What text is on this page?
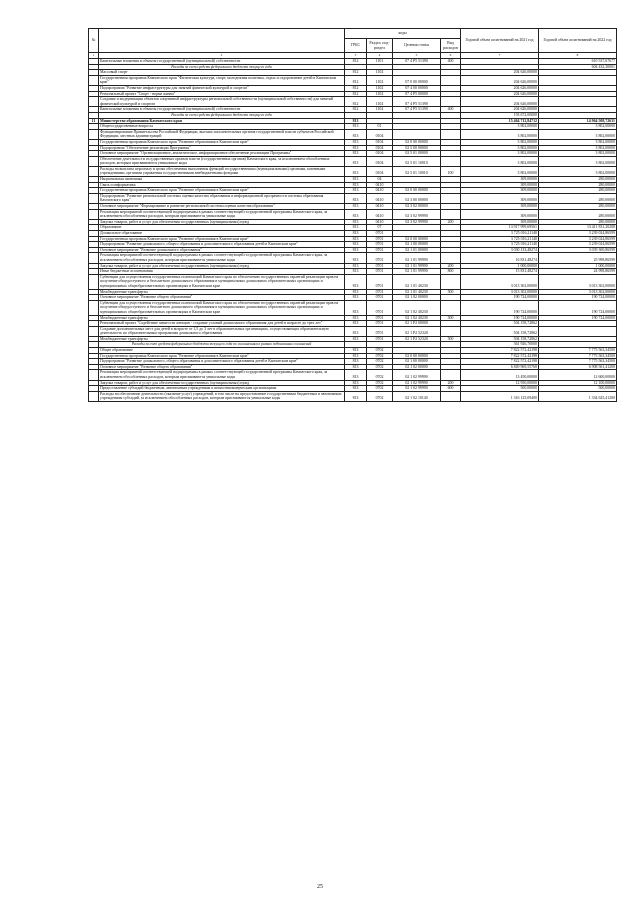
№		коды				Годовой объем ассигнований на 2021 год	Годовой объем ассигнований на 2022 год
		ГРБС	Раздел, под-раздел	Целевая статья	Вид расходов		
1	2	3	4	5	6	7	8
	Капитальные вложения в объекты государственной (муниципальной) собственности	812	1101	07 4 P5 51390	400		610 537,67677
	Расходы за счет средств федерального бюджета текущего года						604 432,30001
	Массовый спорт	812	1102			204 626,00000	
	Государственная программа Камчатского края "Физическая культура, спорт, молодежная политика, отдых и оздоровление детей в Камчатском крае"	812	1102	07 0 00 00000		204 626,00000	
	Подпрограмма "Развитие инфраструктуры для занятий физической культурой и спортом"	812	1102	07 4 00 00000		204 626,00000	
	Региональный проект "Спорт - норма жизни"	812	1102	07 4 P5 00000		204 626,00000	
	Создание и модернизация объектов спортивной инфраструктуры региональной собственности (муниципальной собственности) для занятий физической культурой и спортом	812	1102	07 4 P5 51390		204 626,00000	
	Капитальные вложения в объекты государственной (муниципальной) собственности	812	1102	07 4 P5 51390	400	204 626,00000	
	Расходы за счет средств федерального бюджета текущего года					193 672,00000	
11	Министерство образования Камчатского края	813				15 464 712,84712	14 964 508,72631
	Общегосударственные вопросы	813	01			3 802,00000	3 802,00000
	Функционирование Правительства Российской Федерации, высших исполнительных органов государственной власти субъектов Российской Федерации, местных администраций	813	0104			3 802,00000	3 802,00000
	Государственная программа Камчатского края "Развитие образования в Камчатском крае"	813	0104	02 0 00 00000		3 802,00000	3 802,00000
	Подпрограмма "Обеспечение реализации Программы"	813	0104	02 5 00 00000		3 802,00000	3 802,00000
	Основное мероприятие "Организационное, аналитическое, информационное обеспечение реализации Программы"	813	0104	02 5 01 00000		3 802,00000	3 802,00000
	Обеспечение деятельности государственных органов власти (государственных органов) Камчатского края, за исключением обособленных расходов, которым присваиваются уникальные коды	813	0104	02 5 01 10010		3 802,00000	3 802,00000
	Расходы на выплаты персоналу в целях обеспечения выполнения функций государственными (муниципальными) органами, казенными учреждениями, органами управления государственными внебюджетными фондами	813	0104	02 5 01 10010	100	3 802,00000	3 802,00000
	Национальная экономика	813	04			309,00000	280,00000
	Связь и информатика	813	0410			309,00000	280,00000
	Государственная программа Камчатского края "Развитие образования в Камчатском крае"	813	0410	02 0 00 00000		309,00000	280,00000
	Подпрограмма "Развитие региональной системы оценки качества образования и информационной прозрачности системы образования Камчатского края"	813	0410	02 3 00 00000		309,00000	280,00000
	Основное мероприятие "Формирование и развитие региональной системы оценки качества образования"	813	0410	02 3 02 00000		309,00000	280,00000
	Реализация мероприятий соответствующей подпрограммы в рамках соответствующей государственной программы Камчатского края, за исключением обособленных расходов, которым присваиваются уникальные коды	813	0410	02 3 02 99990		309,00000	280,00000
	Закупка товаров, работ и услуг для обеспечения государственных (муниципальных) нужд	813	0410	02 3 02 99990	200	309,00000	280,00000
	Образование	813	07			13 917 999,69561	13 411 831,20208
	Дошкольное образование	813	0701			3 725 016,21140	3 239 024,86599
	Государственная программа Камчатского края "Развитие образования в Камчатском крае"	813	0701	02 0 00 00000		3 725 016,21140	3 239 024,86599
	Подпрограмма "Развитие дошкольного, общего образования и дополнительного образования детей в Камчатском крае"	813	0701	02 1 00 00000		3 725 016,21140	3 239 024,86599
	Основное мероприятие "Развитие дошкольного образования"	813	0701	02 1 01 00000		3 030 133,48274	3 039 300,86599
	Реализация мероприятий соответствующей подпрограммы в рамках соответствующей государственной программы Камчатского края, за исключением обособленных расходов, которым присваиваются уникальные коды	813	0701	02 1 01 99990		16 831,48274	25 998,86599
	Закупка товаров, работ и услуг для обеспечения государственных (муниципальных) нужд	813	0701	02 1 01 99990	200	1 000,00000	1 000,00000
	Иные бюджетные ассигнования	813	0701	02 1 01 99990	800	15 831,48274	24 998,86599
	Субвенции для осуществления государственных полномочий Камчатского края по обеспечению государственных гарантий реализации прав на получение общедоступного и бесплатного дошкольного образования в муниципальных дошкольных образовательных организациях и муниципальных общеобразовательных организациях в Камчатском крае	813	0701	02 1 01 40230		3 013 302,00000	3 013 302,00000
	Межбюджетные трансферты	813	0701	02 1 01 40230	500	3 013 302,00000	3 013 302,00000
	Основное мероприятие "Развитие общего образования"	813	0701	02 1 02 00000		190 724,00000	190 724,00000
	Субвенции для осуществления государственных полномочий Камчатского края по обеспечению государственных гарантий реализации прав на получение общедоступного и бесплатного дошкольного образования в муниципальных дошкольных образовательных организациях и муниципальных общеобразовательных организациях в Камчатском крае	813	0701	02 1 02 40230		190 724,00000	190 724,00000
	Межбюджетные трансферты	813	0701	02 1 02 40230	500	190 724,00000	190 724,00000
	Региональный проект "Содействие занятости женщин - создание условий дошкольного образования для детей в возрасте до трех лет"	813	0701	02 1 P2 00000		504 158,72862	
	Создание дополнительных мест для детей в возрасте от 1,5 до 3 лет в образовательных организациях, осуществляющих образовательную деятельность по образовательным программам дошкольного образования	813	0701	02 1 P2 52320		504 158,72862	
	Межбюджетные трансферты	813	0701	02 1 P2 52320	500	504 158,72862	
	Расходы за счет средств федерального бюджета текущего года по соглашениям в рамках подписанных соглашений					361 926,70000	
	Общее образование	813	0702			7 822 572,42198	7 775 563,34500
	Государственная программа Камчатского края "Развитие образования в Камчатском крае"	813	0702	02 0 00 00000		7 822 572,42198	7 775 563,34500
	Подпрограмма "Развитие дошкольного, общего образования и дополнительного образования детей в Камчатском крае"	813	0702	02 1 00 00000		7 822 572,42198	7 775 563,34500
	Основное мероприятие "Развитие общего образования"	813	0702	02 1 02 00000		6 849 969,55768	6 908 561,41200
	Реализация мероприятий соответствующей подпрограммы в рамках соответствующей государственной программы Камчатского края, за исключением обособленных расходов, которым присваиваются уникальные коды	813	0702	02 1 02 99990		13 450,00000	12 600,00000
	Закупка товаров, работ и услуг для обеспечения государственных (муниципальных) нужд	813	0702	02 1 02 99990	200	12 950,00000	12 100,00000
	Предоставление субсидий бюджетным, автономным учреждениям и иным некоммерческим организациям	813	0702	02 1 02 99990	600	500,00000	500,00000
	Расходы на обеспечение деятельности (оказание услуг) учреждений, в том числе на предоставление государственным бюджетным и автономным учреждениям субсидий, за исключением обособленных расходов, которым присваиваются уникальные коды	813	0702	02 1 02 10140		1 316 125,09400	1 334 625,41200
25
